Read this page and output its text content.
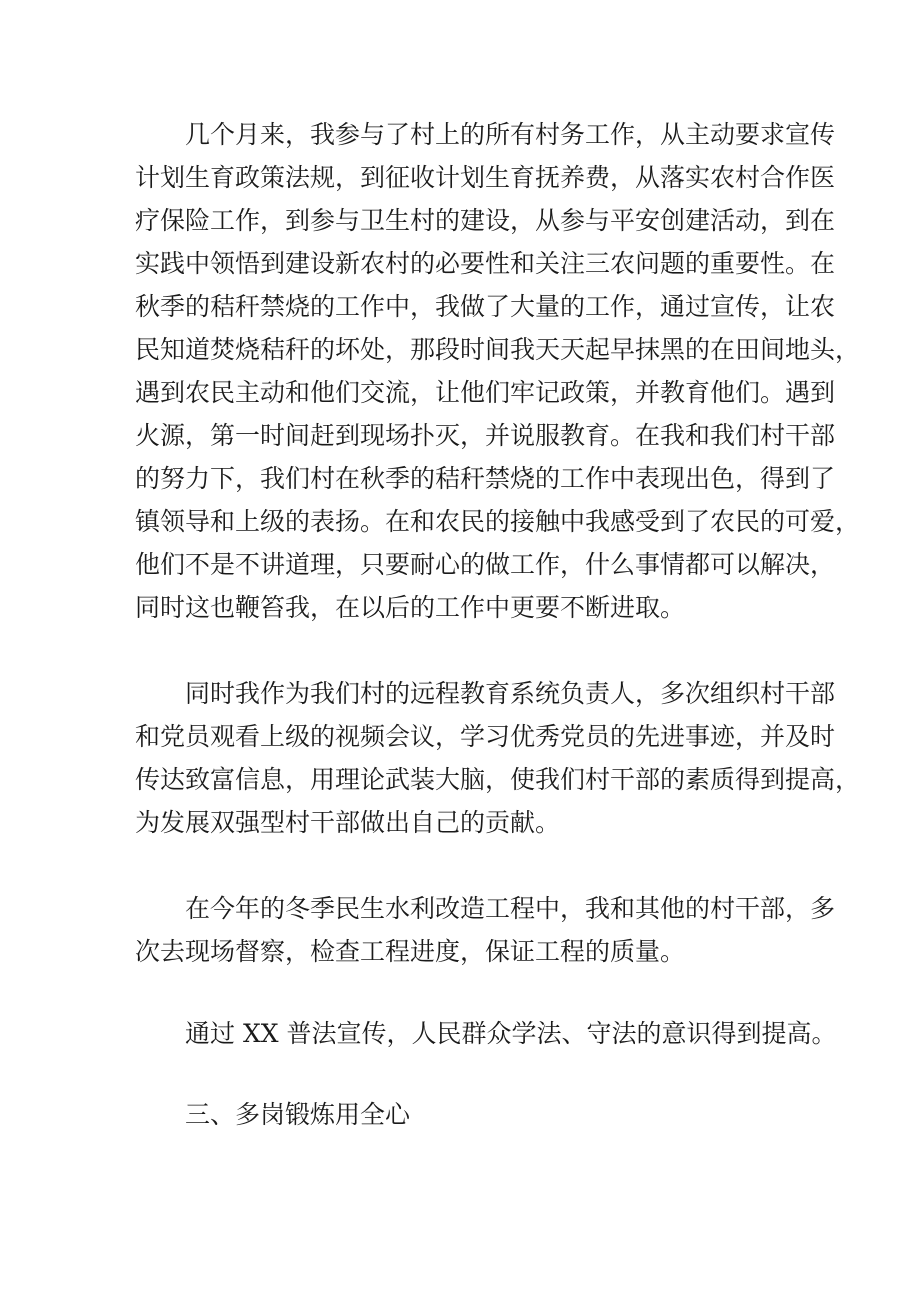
几个月来，我参与了村上的所有村务工作，从主动要求宣传
计划生育政策法规，到征收计划生育抚养费，从落实农村合作医
疗保险工作，到参与卫生村的建设，从参与平安创建活动，到在
实践中领悟到建设新农村的必要性和关注三农问题的重要性。在
秋季的秸秆禁烧的工作中，我做了大量的工作，通过宣传，让农
民知道焚烧秸秆的坏处，那段时间我天天起早抹黑的在田间地头，
遇到农民主动和他们交流，让他们牢记政策，并教育他们。遇到
火源，第一时间赶到现场扑灭，并说服教育。在我和我们村干部
的努力下，我们村在秋季的秸秆禁烧的工作中表现出色，得到了
镇领导和上级的表扬。在和农民的接触中我感受到了农民的可爱，
他们不是不讲道理，只要耐心的做工作，什么事情都可以解决，
同时这也鞭笞我，在以后的工作中更要不断进取。
同时我作为我们村的远程教育系统负责人，多次组织村干部
和党员观看上级的视频会议，学习优秀党员的先进事迹，并及时
传达致富信息，用理论武装大脑，使我们村干部的素质得到提高，
为发展双强型村干部做出自己的贡献。
在今年的冬季民生水利改造工程中，我和其他的村干部，多
次去现场督察，检查工程进度，保证工程的质量。
通过 XX 普法宣传，人民群众学法、守法的意识得到提高。
三、多岗锻炼用全心
